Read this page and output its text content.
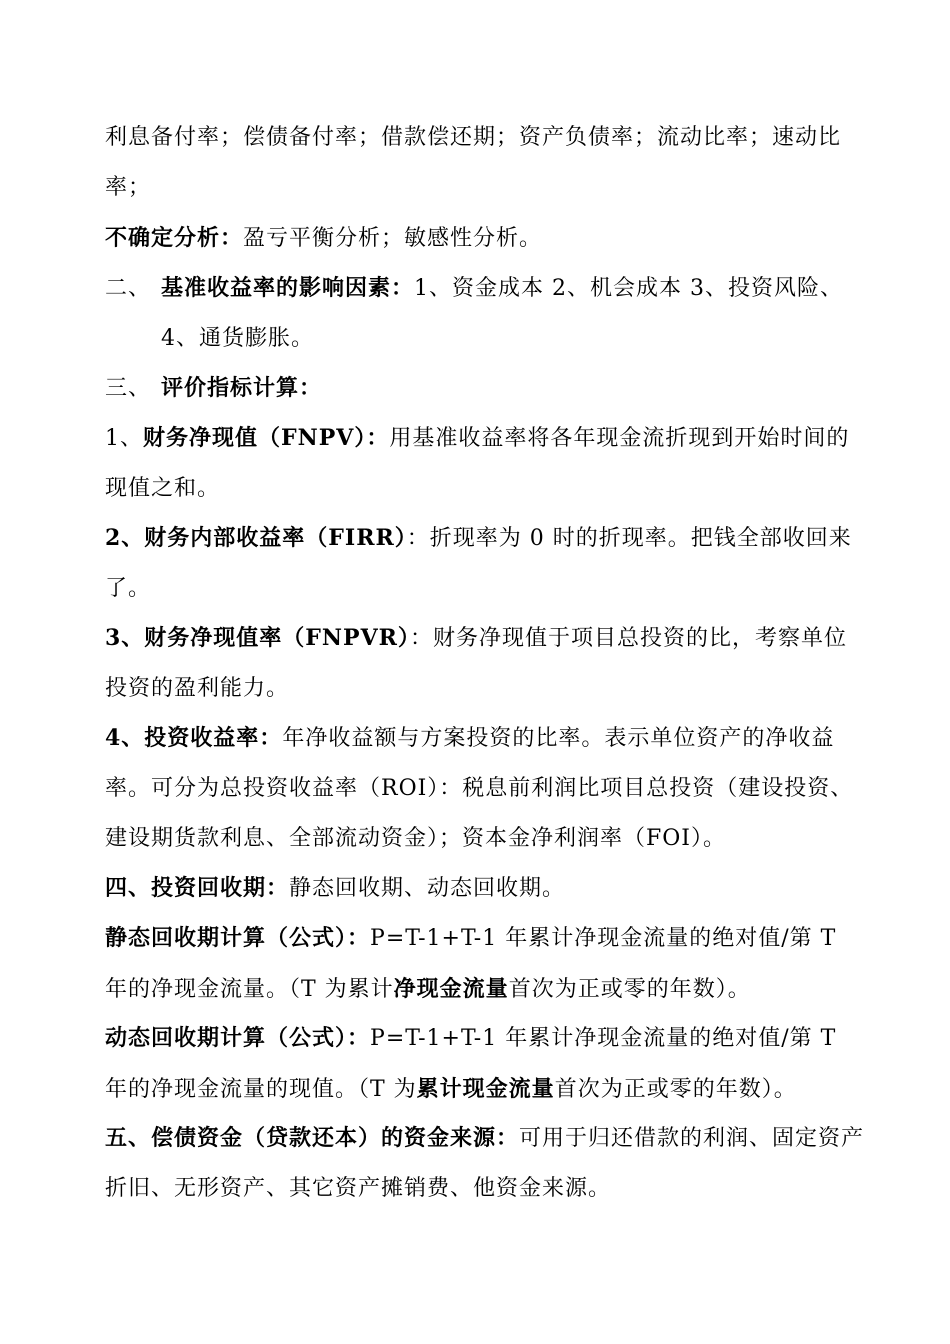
利息备付率；偿债备付率；借款偿还期；资产负债率；流动比率；速动比率；

不确定分析：盈亏平衡分析；敏感性分析。

二、 基准收益率的影响因素：1、资金成本 2、机会成本 3、投资风险、4、通货膨胀。

三、 评价指标计算：

1、财务净现值（FNPV）：用基准收益率将各年现金流折现到开始时间的现值之和。

2、财务内部收益率（FIRR）：折现率为 0 时的折现率。把钱全部收回来了。

3、财务净现值率（FNPVR）：财务净现值于项目总投资的比，考察单位投资的盈利能力。

4、投资收益率：年净收益额与方案投资的比率。表示单位资产的净收益率。可分为总投资收益率（ROI）：税息前利润比项目总投资（建设投资、建设期货款利息、全部流动资金）；资本金净利润率（FOI）。

四、投资回收期：静态回收期、动态回收期。

静态回收期计算（公式）：P=T-1+T-1 年累计净现金流量的绝对值/第 T 年的净现金流量。（T 为累计净现金流量首次为正或零的年数）。

动态回收期计算（公式）：P=T-1+T-1 年累计净现金流量的绝对值/第 T 年的净现金流量的现值。（T 为累计现金流量首次为正或零的年数）。

五、偿债资金（贷款还本）的资金来源：可用于归还借款的利润、固定资产折旧、无形资产、其它资产摊销费、他资金来源。
